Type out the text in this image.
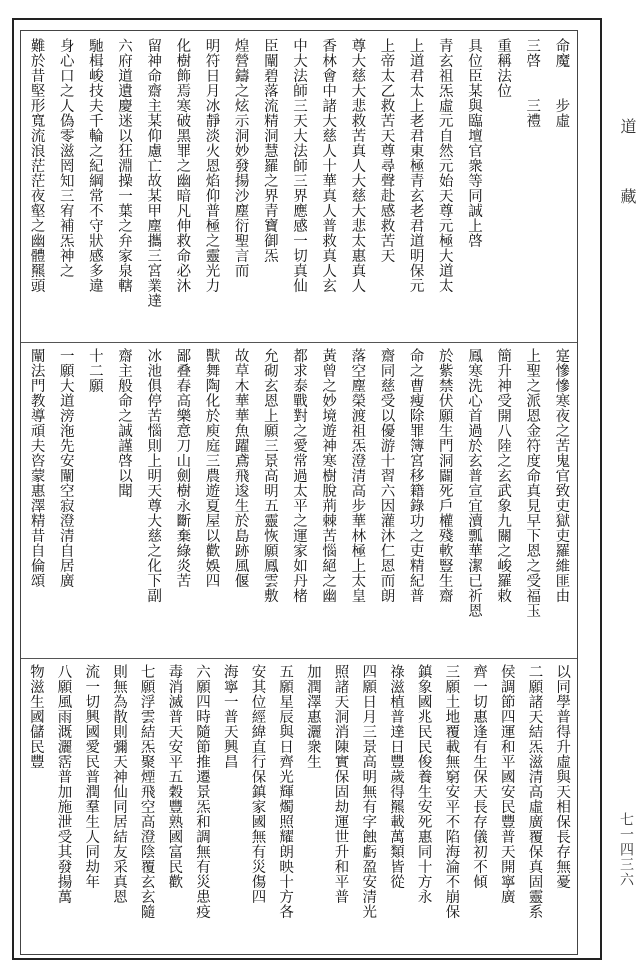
命魔　　步虛
三啓　　三禮
重稱法位
具位臣某與臨壇官衆等同誠上啓
青玄祖炁虛元自然元始天尊元極大道太
上道君太上老君東極青玄老君道明保元
上帝太乙救苦天尊尋聲赴感救苦天
尊大慈大悲救苦真人大慈大悲太惠真人
香林會中諸大慈人十華真人普救真人玄
中大法師三天大法師三界應感一切真仙
臣闡碧落流精洞慧羅之界青寶御炁
煌營鑄之炫示洞妙發揚沙塵衍聖言而
明符日月冰靜淡火恩焰仰普極之靈光力
化樹飾焉寒破黑罪之幽暗凡伸救命必沐
留神命齋主某仰慮亡故某甲塵攜三宮業達
六府道遺慶迷以狂淵操一葉之弁家泉轄
馳楫峻技夫千輪之紀綱常不守狀感多違
身心口之人偽零滋罔知三宥補炁神之
難於昔堅形寬流浪茫茫夜壑之幽體羆頭
寔慘慘寒夜之苦鬼官致吏獄吏羅維匪由
上聖之派恩金符度命真見早下恩之受福玉
簡升神受開八陸之玄武象九關之峻羅敕
鳳寒洗心首過於玄普宣宜瀆瓢華潔已祈恩
於紫禁伏願生門洞闢死戶權殘軟豎生齋
命之曹瘦除罪簿宮移籍錄功之吏精紀普
齋同慈受以優游十習六因灌沐仁恩而朗
落空塵榮渡祖炁澄清高步華林極上太皇
黃曾之妙境遊神寒樹脫荊棘苦惱絕之幽
都求泰戰對之愛常過太平之運家如丹楮
允砌玄恩上願三景高明五靈恢願鳳雲敷
故草木華華魚躍鳶飛逡生於島跡風偃
獸舞陶化於庾庭三農遊夏屋以歡娛四
鄙叠春高樂意刀山劍樹永斷棄綠炎苦
冰池俱停苦惱則上明天尊大慈之化下副
齋主般命之誠謹啓以聞
十二願
一願大道滂沲先安闡空寂澄清自居廣
闡法門教導頑夫咨蒙惠澤精昔自倫頌
以同學普得升虛與天相保長存無憂
二願諸天結炁滋清高虛廣覆保真固靈系
侯調節四運和平國安民豐普天開寧廣
齊一切惠逢有生保天長存儀初不傾
三願土地覆載無窮安平不陷海淪不崩保
鎮象國兆民民俊養生安死惠同十方永
祿滋植普達日豐歲得羆載萬類皆從
四願日月三景高明無有字蝕虧盈安清光
照諸天洞消陳實保固劫運世升和平普
加潤澤惠灑衆生
五願星辰與日齊光輝燭照耀朗映十方各
安其位經緯直行保鎮家國無有災傷四
海寧一普天興昌
六願四時隨節推遷景炁和調無有災患疫
毒消滅普天安平五穀豐熟國富民歡
七願浮雲結炁聚煙飛空高澄陰覆玄玄隨
則無為散則彌天神仙同居結友采真恩
流一切興國愛民普潤羣生人同劫年
八願風雨溉灑霑普加施泄受其發揚萬
物滋生國儲民豐
道
藏
七一四三六
